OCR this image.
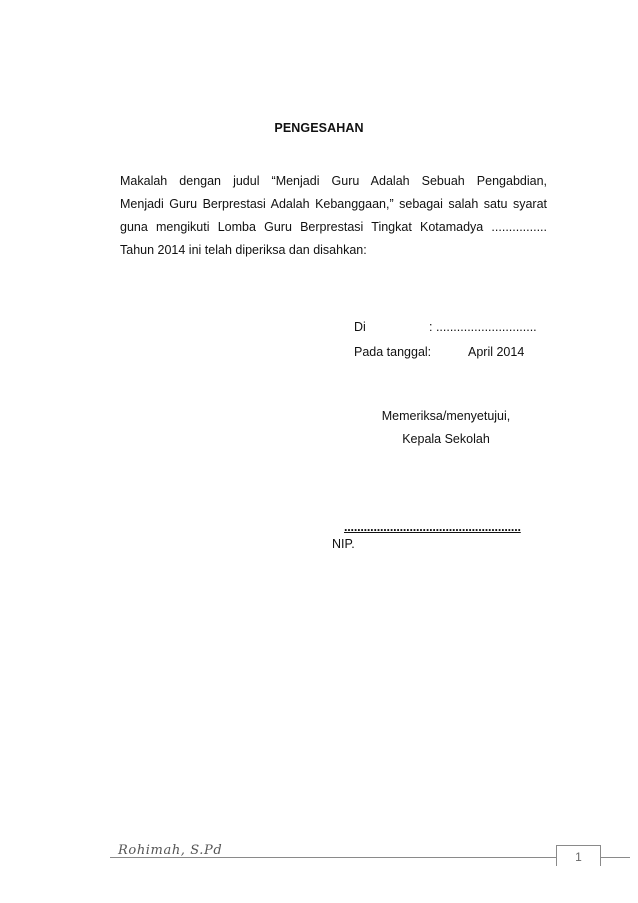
PENGESAHAN
Makalah dengan judul “Menjadi Guru Adalah Sebuah Pengabdian,
Menjadi Guru Berprestasi Adalah Kebanggaan,” sebagai salah satu syarat
guna mengikuti Lomba Guru Berprestasi Tingkat Kotamadya ................
Tahun 2014 ini telah diperiksa dan disahkan:
Di	: .............................
Pada tanggal:	April 2014
Memeriksa/menyetujui,
Kepala Sekolah
......................................................
NIP.
Rohimah, S.Pd	1
